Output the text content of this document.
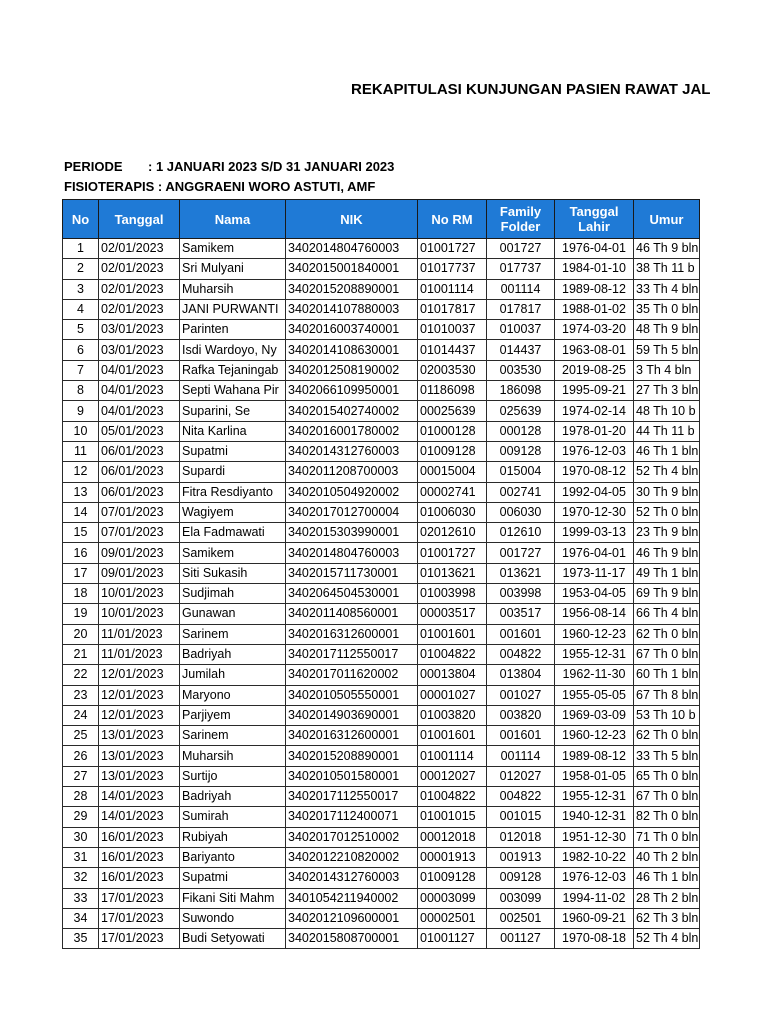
REKAPITULASI KUNJUNGAN PASIEN RAWAT JAL
PERIODE : 1 JANUARI 2023 S/D 31 JANUARI 2023
FISIOTERAPIS : ANGGRAENI WORO ASTUTI, AMF
No	Tanggal	Nama	NIK	No RM	Family Folder	Tanggal Lahir	Umur
1	02/01/2023	Samikem	3402014804760003	01001727	001727	1976-04-01	46 Th 9 bln
2	02/01/2023	Sri Mulyani	3402015001840001	01017737	017737	1984-01-10	38 Th 11 b
3	02/01/2023	Muharsih	3402015208890001	01001114	001114	1989-08-12	33 Th 4 bln
4	02/01/2023	JANI PURWANTI	3402014107880003	01017817	017817	1988-01-02	35 Th 0 bln
5	03/01/2023	Parinten	3402016003740001	01010037	010037	1974-03-20	48 Th 9 bln
6	03/01/2023	Isdi Wardoyo, Ny	3402014108630001	01014437	014437	1963-08-01	59 Th 5 bln
7	04/01/2023	Rafka Tejaningab	3402012508190002	02003530	003530	2019-08-25	3 Th 4 bln
8	04/01/2023	Septi Wahana Pir	3402066109950001	01186098	186098	1995-09-21	27 Th 3 bln
9	04/01/2023	Suparini, Se	3402015402740002	00025639	025639	1974-02-14	48 Th 10 b
10	05/01/2023	Nita Karlina	3402016001780002	01000128	000128	1978-01-20	44 Th 11 b
11	06/01/2023	Supatmi	3402014312760003	01009128	009128	1976-12-03	46 Th 1 bln
12	06/01/2023	Supardi	3402011208700003	00015004	015004	1970-08-12	52 Th 4 bln
13	06/01/2023	Fitra Resdiyanto	3402010504920002	00002741	002741	1992-04-05	30 Th 9 bln
14	07/01/2023	Wagiyem	3402017012700004	01006030	006030	1970-12-30	52 Th 0 bln
15	07/01/2023	Ela Fadmawati	3402015303990001	02012610	012610	1999-03-13	23 Th 9 bln
16	09/01/2023	Samikem	3402014804760003	01001727	001727	1976-04-01	46 Th 9 bln
17	09/01/2023	Siti Sukasih	3402015711730001	01013621	013621	1973-11-17	49 Th 1 bln
18	10/01/2023	Sudjimah	3402064504530001	01003998	003998	1953-04-05	69 Th 9 bln
19	10/01/2023	Gunawan	3402011408560001	00003517	003517	1956-08-14	66 Th 4 bln
20	11/01/2023	Sarinem	3402016312600001	01001601	001601	1960-12-23	62 Th 0 bln
21	11/01/2023	Badriyah	3402017112550017	01004822	004822	1955-12-31	67 Th 0 bln
22	12/01/2023	Jumilah	3402017011620002	00013804	013804	1962-11-30	60 Th 1 bln
23	12/01/2023	Maryono	3402010505550001	00001027	001027	1955-05-05	67 Th 8 bln
24	12/01/2023	Parjiyem	3402014903690001	01003820	003820	1969-03-09	53 Th 10 b
25	13/01/2023	Sarinem	3402016312600001	01001601	001601	1960-12-23	62 Th 0 bln
26	13/01/2023	Muharsih	3402015208890001	01001114	001114	1989-08-12	33 Th 5 bln
27	13/01/2023	Surtijo	3402010501580001	00012027	012027	1958-01-05	65 Th 0 bln
28	14/01/2023	Badriyah	3402017112550017	01004822	004822	1955-12-31	67 Th 0 bln
29	14/01/2023	Sumirah	3402017112400071	01001015	001015	1940-12-31	82 Th 0 bln
30	16/01/2023	Rubiyah	3402017012510002	00012018	012018	1951-12-30	71 Th 0 bln
31	16/01/2023	Bariyanto	3402012210820002	00001913	001913	1982-10-22	40 Th 2 bln
32	16/01/2023	Supatmi	3402014312760003	01009128	009128	1976-12-03	46 Th 1 bln
33	17/01/2023	Fikani Siti Mahm	3401054211940002	00003099	003099	1994-11-02	28 Th 2 bln
34	17/01/2023	Suwondo	3402012109600001	00002501	002501	1960-09-21	62 Th 3 bln
35	17/01/2023	Budi Setyowati	3402015808700001	01001127	001127	1970-08-18	52 Th 4 bln
